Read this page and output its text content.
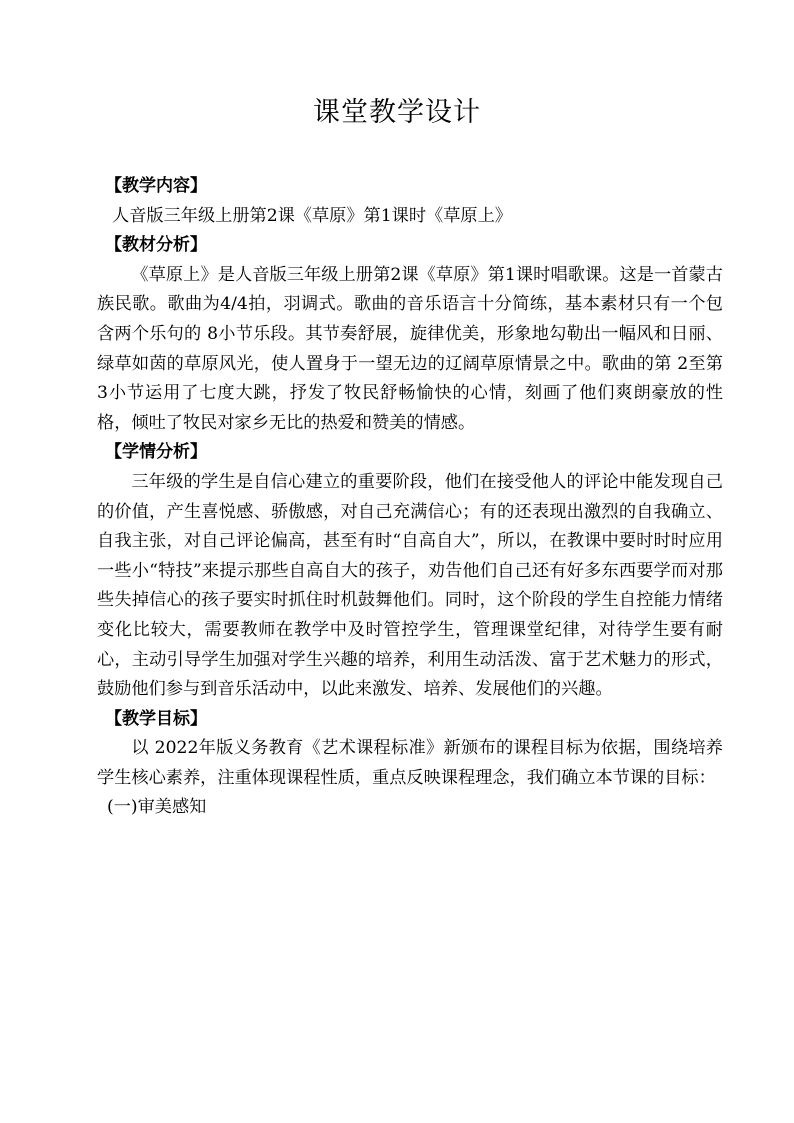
课堂教学设计
【教学内容】
人音版三年级上册第2课《草原》第1课时《草原上》
【教材分析】
《草原上》是人音版三年级上册第2课《草原》第1课时唱歌课。这是一首蒙古族民歌。歌曲为4/4拍，羽调式。歌曲的音乐语言十分简练，基本素材只有一个包含两个乐句的 8小节乐段。其节奏舒展，旋律优美，形象地勾勒出一幅风和日丽、绿草如茵的草原风光，使人置身于一望无边的辽阔草原情景之中。歌曲的第 2至第 3小节运用了七度大跳，抒发了牧民舒畅愉快的心情，刻画了他们爽朗豪放的性格，倾吐了牧民对家乡无比的热爱和赞美的情感。
【学情分析】
三年级的学生是自信心建立的重要阶段，他们在接受他人的评论中能发现自己的价值，产生喜悦感、骄傲感，对自己充满信心；有的还表现出激烈的自我确立、自我主张，对自己评论偏高，甚至有时“自高自大”，所以，在教课中要时时时应用一些小“特技”来提示那些自高自大的孩子，劝告他们自己还有好多东西要学而对那些失掉信心的孩子要实时抓住时机鼓舞他们。同时，这个阶段的学生自控能力情绪变化比较大，需要教师在教学中及时管控学生，管理课堂纪律，对待学生要有耐心，主动引导学生加强对学生兴趣的培养，利用生动活泼、富于艺术魅力的形式，鼓励他们参与到音乐活动中，以此来激发、培养、发展他们的兴趣。
【教学目标】
以 2022年版义务教育《艺术课程标准》新颁布的课程目标为依据，围绕培养学生核心素养，注重体现课程性质，重点反映课程理念，我们确立本节课的目标：
(一)审美感知
